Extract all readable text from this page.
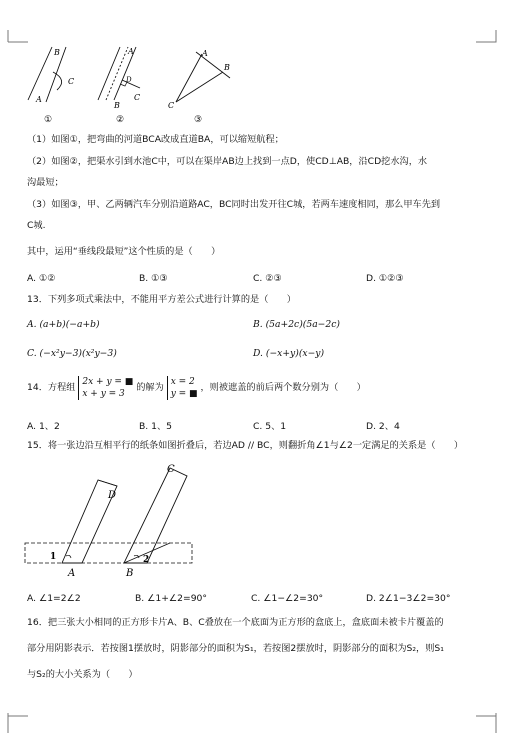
B
C
A
①
D
C
B
A
②
A
B
C
③
（1）如图①，把弯曲的河道BCA改成直道BA，可以缩短航程；
（2）如图②，把渠水引到水池C中，可以在渠岸AB边上找到一点D，使CD⊥AB，沿CD挖水沟，水
沟最短；
（3）如图③，甲、乙两辆汽车分别沿道路AC，BC同时出发开往C城，若两车速度相同，那么甲车先到
C城.
其中，运用“垂线段最短”这个性质的是（　　）
A. ①②	B. ①③	C. ②③	D. ①②③
13．下列多项式乘法中，不能用平方差公式进行计算的是（　　）
A. (a+b)(−a+b)	B. (5a+2c)(5a−2c)
C. (−x²y−3)(x²y−3)	D. (−x+y)(x−y)
14．方程组 2x + y = ■
x + y = 3
的解为 x = 2
y = ■
，则被遮盖的前后两个数分别为（　　）
A. 1、2	B. 1、5	C. 5、1	D. 2、4
15．将一张边沿互相平行的纸条如图折叠后，若边AD // BC，则翻折角∠1与∠2一定满足的关系是（　　）
D
C
1	2
A	B
A. ∠1=2∠2	B. ∠1+∠2=90°	C. ∠1−∠2=30°	D. 2∠1−3∠2=30°
16．把三张大小相同的正方形卡片A、B、C叠放在一个底面为正方形的盒底上，盒底面未被卡片覆盖的
部分用阴影表示．若按图1摆放时，阴影部分的面积为S₁，若按图2摆放时，阴影部分的面积为S₂，则S₁
与S₂的大小关系为（　　）
